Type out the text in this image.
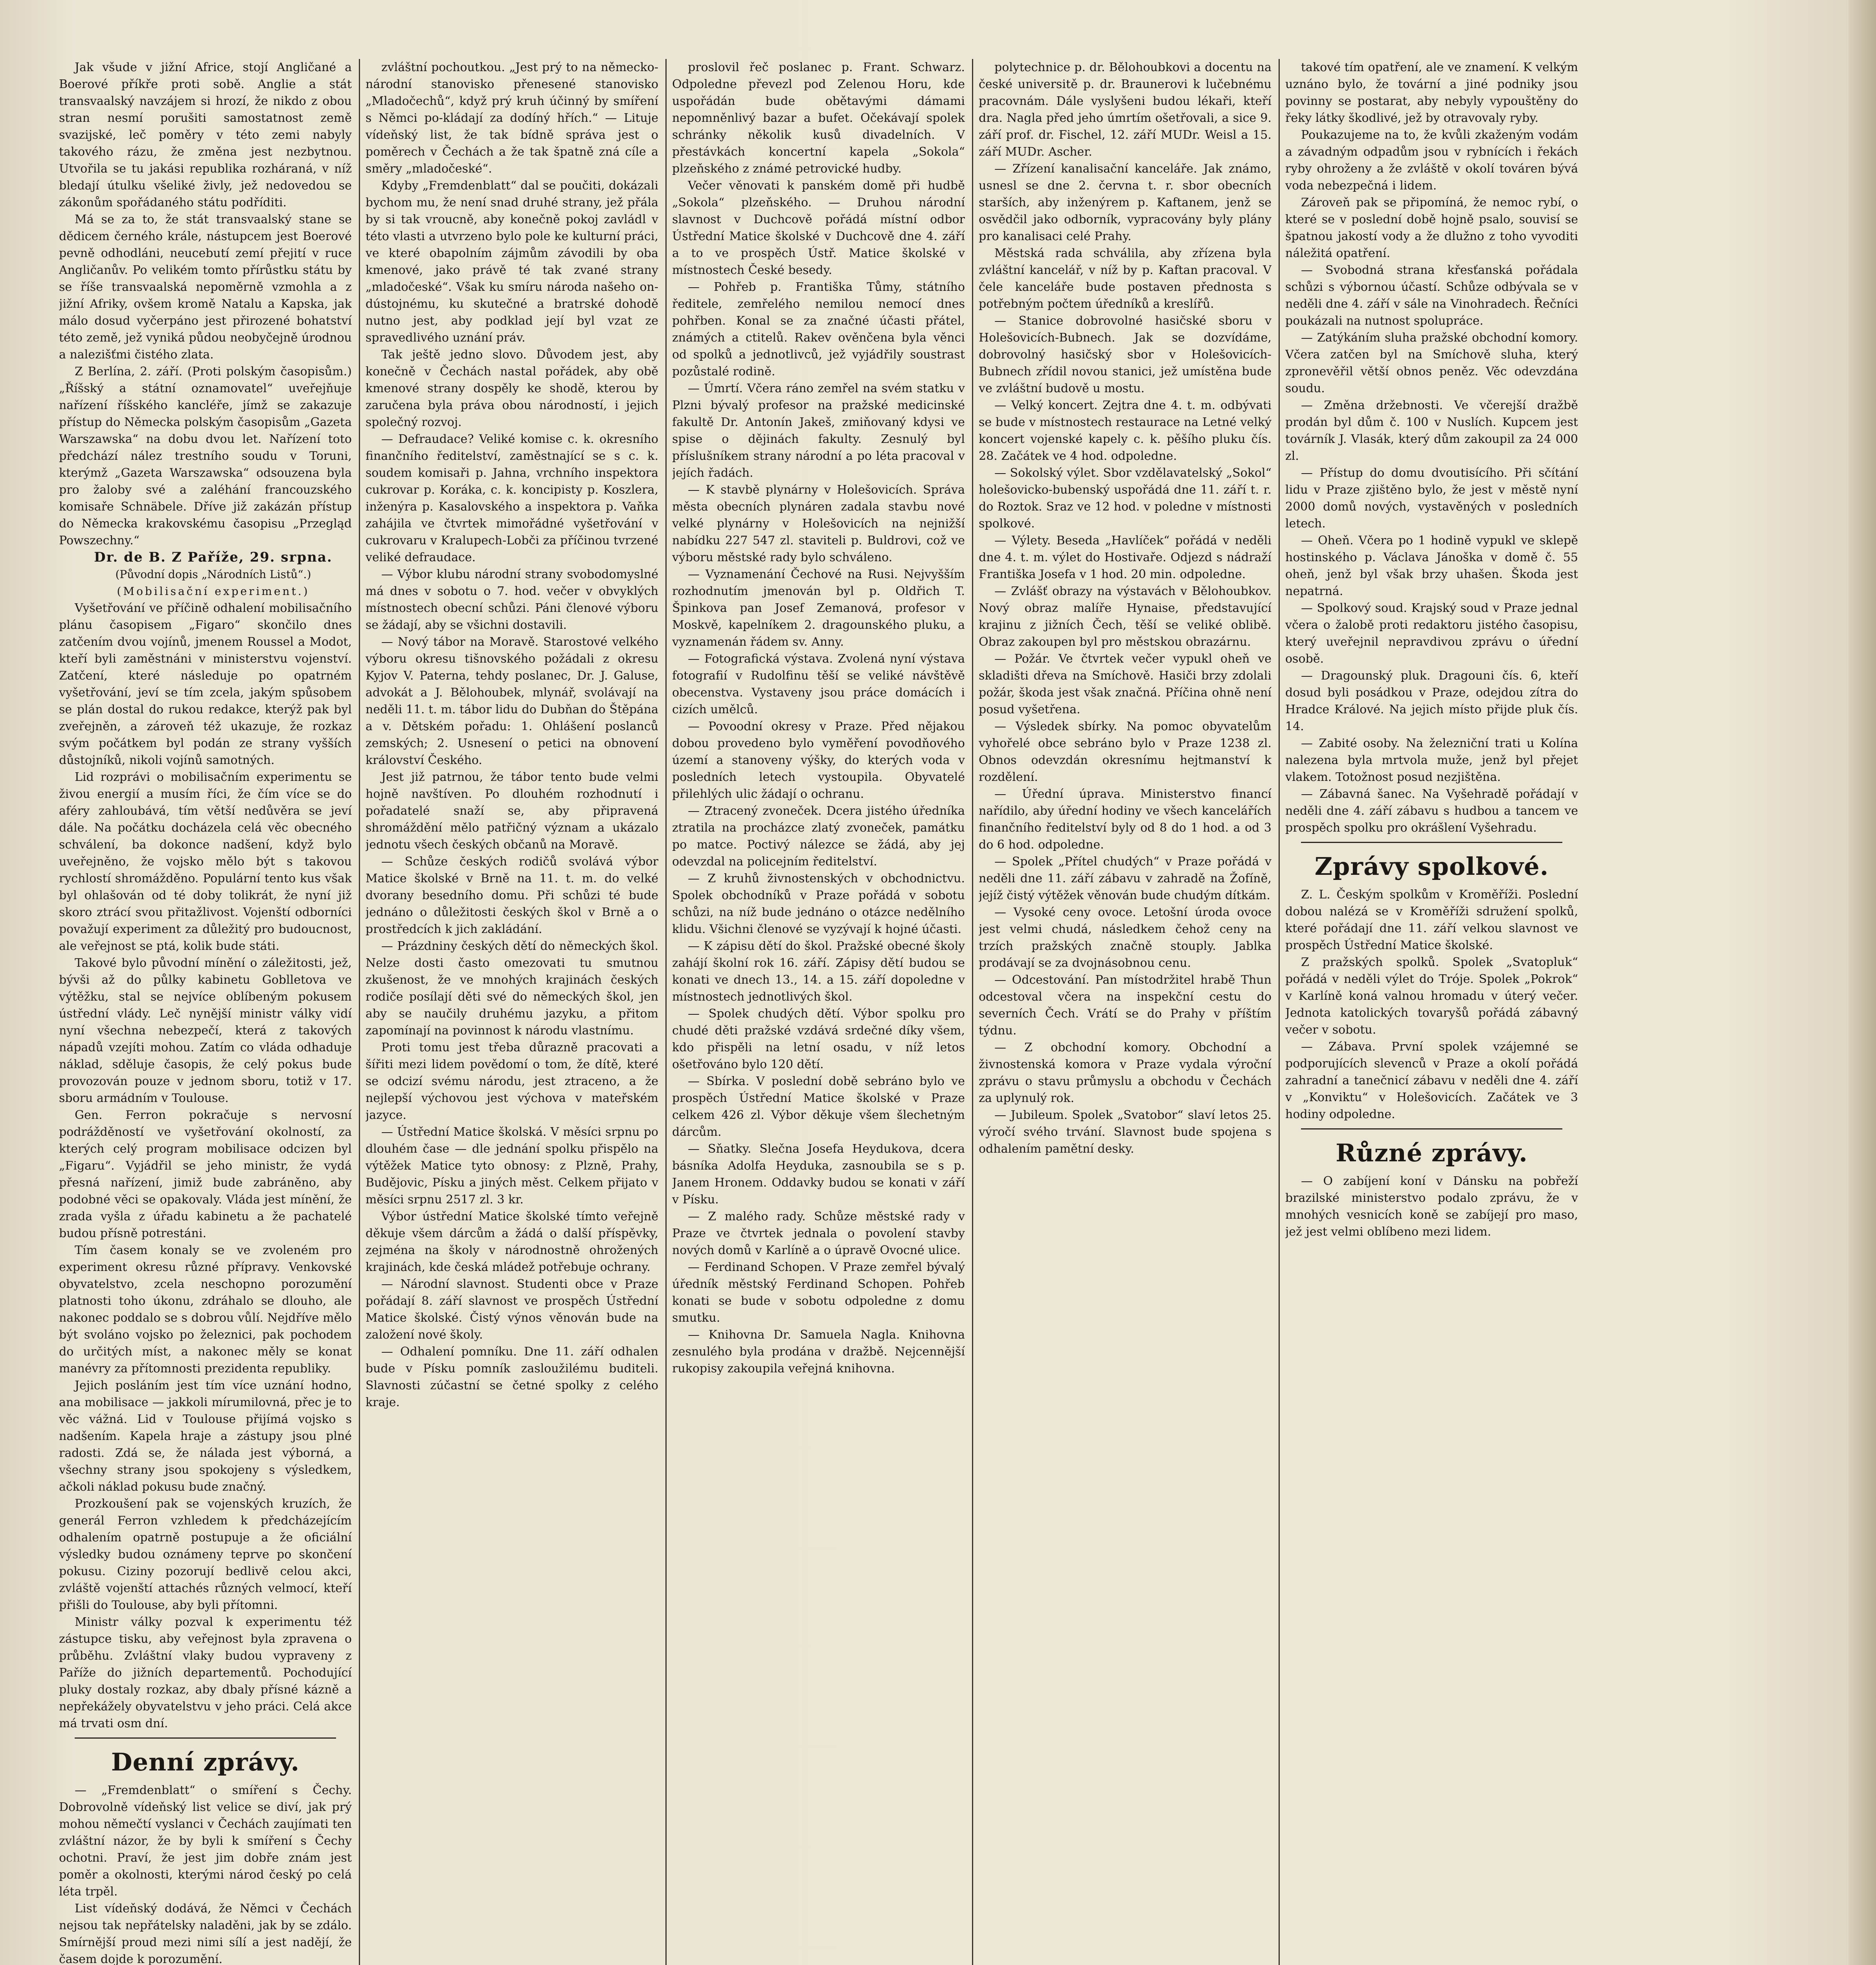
Jak všude v jižní Africe, stojí Angličané a Boerové příkře proti sobě. Anglie a stát transvaalský navzájem si hrozí, že nikdo z obou stran nesmí porušiti samostatnost země svazijské, leč poměry v této zemi nabyly takového rázu, že změna jest nezbytnou. Utvořila se tu jakási republika rozháraná, v níž bledají útulku všeliké živly, jež nedovedou se zákonům spořádaného státu podříditi.

Má se za to, že stát transvaalský stane se dědicem černého krále, nástupcem jest Boerové pevně odhodláni, neucebutí zemí přejití v ruce Angličanův. Po velikém tomto přírůstku státu by se říše transvaalská nepoměrně vzmohla a z jižní Afriky, ovšem kromě Natalu a Kapska, jak málo dosud vyčerpáno jest přirozené bohatství této země, jež vyniká půdou neobyčejně úrodnou a nalezišťmi čistého zlata.

Z Berlína, 2. září. (Proti polským časopisům.) „Říšský a státní oznamovatel“ uveřejňuje nařízení říšského kancléře, jímž se zakazuje přístup do Německa polským časopisům „Gazeta Warszawska“ na dobu dvou let. Nařízení toto předchází nález trestního soudu v Toruni, kterýmž „Gazeta Warszawska“ odsouzena byla pro žaloby své a zaléhání francouzského komisaře Schnäbele. Dříve již zakázán přístup do Německa krakovskému časopisu „Przegląd Powszechny.“

Dr. de B. Z Paříže, 29. srpna.

(Původní dopis „Národních Listů“.)

(Mobilisační experiment.)

Vyšetřování ve příčině odhalení mobilisačního plánu časopisem „Figaro“ skončilo dnes zatčením dvou vojínů, jmenem Roussel a Modot, kteří byli zaměstnáni v ministerstvu vojenství. Zatčení, které následuje po opatrném vyšetřování, jeví se tím zcela, jakým spůsobem se plán dostal do rukou redakce, kterýž pak byl zveřejněn, a zároveň též ukazuje, že rozkaz svým počátkem byl podán ze strany vyšších důstojníků, nikoli vojínů samotných.

Lid rozprávi o mobilisačním experimentu se živou energií a musím říci, že čím více se do aféry zahloubává, tím větší nedůvěra se jeví dále. Na počátku docházela celá věc obecného schválení, ba dokonce nadšení, když bylo uveřejněno, že vojsko mělo být s takovou rychlostí shromážděno. Populární tento kus však byl ohlašován od té doby tolikrát, že nyní již skoro ztrácí svou přitažlivost. Vojenští odborníci považují experiment za důležitý pro budoucnost, ale veřejnost se ptá, kolik bude státi.

Takové bylo původní mínění o záležitosti, jež, bývši až do půlky kabinetu Goblletova ve výtěžku, stal se nejvíce oblíbeným pokusem ústřední vlády. Leč nynější ministr války vidí nyní všechna nebezpečí, která z takových nápadů vzejíti mohou. Zatím co vláda odhaduje náklad, sděluje časopis, že celý pokus bude provozován pouze v jednom sboru, totiž v 17. sboru armádním v Toulouse.

Gen. Ferron pokračuje s nervosní podrážděností ve vyšetřování okolností, za kterých celý program mobilisace odcizen byl „Figaru“. Vyjádřil se jeho ministr, že vydá přesná nařízení, jimiž bude zabráněno, aby podobné věci se opakovaly. Vláda jest mínění, že zrada vyšla z úřadu kabinetu a že pachatelé budou přísně potrestáni.

Tím časem konaly se ve zvoleném pro experiment okresu různé přípravy. Venkovské obyvatelstvo, zcela neschopno porozumění platnosti toho úkonu, zdráhalo se dlouho, ale nakonec poddalo se s dobrou vůlí. Nejdříve mělo být svoláno vojsko po železnici, pak pochodem do určitých míst, a nakonec měly se konat manévry za přítomnosti prezidenta republiky.

Jejich posláním jest tím více uznání hodno, ana mobilisace — jakkoli mírumilovná, přec je to věc vážná. Lid v Toulouse přijímá vojsko s nadšením. Kapela hraje a zástupy jsou plné radosti. Zdá se, že nálada jest výborná, a všechny strany jsou spokojeny s výsledkem, ačkoli náklad pokusu bude značný.

Prozkoušení pak se vojenských kruzích, že generál Ferron vzhledem k předcházejícím odhalením opatrně postupuje a že oficiální výsledky budou oznámeny teprve po skončení pokusu. Ciziny pozorují bedlivě celou akci, zvláště vojenští attachés různých velmocí, kteří přišli do Toulouse, aby byli přítomni.

Ministr války pozval k experimentu též zástupce tisku, aby veřejnost byla zpravena o průběhu. Zvláštní vlaky budou vypraveny z Paříže do jižních departementů. Pochodující pluky dostaly rozkaz, aby dbaly přísné kázně a nepřekážely obyvatelstvu v jeho práci. Celá akce má trvati osm dní.

Denní zprávy.

— „Fremdenblatt“ o smíření s Čechy. Dobrovolně vídeňský list velice se diví, jak prý mohou němečtí vyslanci v Čechách zaujímati ten zvláštní názor, že by byli k smíření s Čechy ochotni. Praví, že jest jim dobře znám jest poměr a okolnosti, kterými národ český po celá léta trpěl.

List vídeňský dodává, že Němci v Čechách nejsou tak nepřátelsky naladěni, jak by se zdálo. Smírnější proud mezi nimi sílí a jest nadějí, že časem dojde k porozumění.

zvláštní pochoutkou. „Jest prý to na německo-národní stanovisko přenesené stanovisko „Mladočechů“, když prý kruh účinný by smíření s Němci po-kládají za dodíný hřích.“ — Lituje vídeňský list, že tak bídně správa jest o poměrech v Čechách a že tak špatně zná cíle a směry „mladočeské“.

Kdyby „Fremdenblatt“ dal se poučiti, dokázali bychom mu, že není snad druhé strany, jež přála by si tak vroucně, aby konečně pokoj zavládl v této vlasti a utvrzeno bylo pole ke kulturní práci, ve které obapolním zájmům závodili by oba kmenové, jako právě té tak zvané strany „mladočeské“. Však ku smíru národa našeho on-dústojnému, ku skutečné a bratrské dohodě nutno jest, aby podklad její byl vzat ze spravedlivého uznání práv.

Tak ještě jedno slovo. Důvodem jest, aby konečně v Čechách nastal pořádek, aby obě kmenové strany dospěly ke shodě, kterou by zaručena byla práva obou národností, i jejich společný rozvoj.

— Defraudace? Veliké komise c. k. okresního finančního ředitelství, zaměstnající se s c. k. soudem komisaři p. Jahna, vrchního inspektora cukrovar p. Koráka, c. k. koncipisty p. Koszlera, inženýra p. Kasalovského a inspektora p. Vaňka zahájila ve čtvrtek mimořádné vyšetřování v cukrovaru v Kralupech-Lobči za příčinou tvrzené veliké defraudace.

— Výbor klubu národní strany svobodomyslné má dnes v sobotu o 7. hod. večer v obvyklých místnostech obecní schůzi. Páni členové výboru se žádají, aby se všichni dostavili.

— Nový tábor na Moravě. Starostové velkého výboru okresu tišnovského požádali z okresu Kyjov V. Paterna, tehdy poslanec, Dr. J. Galuse, advokát a J. Bělohoubek, mlynář, svolávají na neděli 11. t. m. tábor lidu do Dubňan do Štěpána a v. Dětském pořadu: 1. Ohlášení poslanců zemských; 2. Usnesení o petici na obnovení království Českého.

Jest již patrnou, že tábor tento bude velmi hojně navštíven. Po dlouhém rozhodnutí i pořadatelé snaží se, aby připravená shromáždění mělo patřičný význam a ukázalo jednotu všech českých občanů na Moravě.

— Schůze českých rodičů svolává výbor Matice školské v Brně na 11. t. m. do velké dvorany besedního domu. Při schůzi té bude jednáno o důležitosti českých škol v Brně a o prostředcích k jich zakládání.

— Prázdniny českých dětí do německých škol. Nelze dosti často omezovati tu smutnou zkušenost, že ve mnohých krajinách českých rodiče posílají děti své do německých škol, jen aby se naučily druhému jazyku, a přitom zapomínají na povinnost k národu vlastnímu.

Proti tomu jest třeba důrazně pracovati a šířiti mezi lidem povědomí o tom, že dítě, které se odcizí svému národu, jest ztraceno, a že nejlepší výchovou jest výchova v mateřském jazyce.

— Ústřední Matice školská. V měsíci srpnu po dlouhém čase — dle jednání spolku přispělo na výtěžek Matice tyto obnosy: z Plzně, Prahy, Budějovic, Písku a jiných měst. Celkem přijato v měsíci srpnu 2517 zl. 3 kr.

Výbor ústřední Matice školské tímto veřejně děkuje všem dárcům a žádá o další příspěvky, zejména na školy v národnostně ohrožených krajinách, kde česká mládež potřebuje ochrany.

— Národní slavnost. Studenti obce v Praze pořádají 8. září slavnost ve prospěch Ústřední Matice školské. Čistý výnos věnován bude na založení nové školy.

— Odhalení pomníku. Dne 11. září odhalen bude v Písku pomník zasloužilému buditeli. Slavnosti zúčastní se četné spolky z celého kraje.

proslovil řeč poslanec p. Frant. Schwarz. Odpoledne převezl pod Zelenou Horu, kde uspořádán bude obětavými dámami nepomněnlivý bazar a bufet. Očekávají spolek schránky několik kusů divadelních. V přestávkách koncertní kapela „Sokola“ plzeňského z známé petrovické hudby.

Večer věnovati k panském domě při hudbě „Sokola“ plzeňského. — Druhou národní slavnost v Duchcově pořádá místní odbor Ústřední Matice školské v Duchcově dne 4. září a to ve prospěch Ústř. Matice školské v místnostech České besedy.

— Pohřeb p. Františka Tůmy, státního ředitele, zemřelého nemilou nemocí dnes pohřben. Konal se za značné účasti přátel, známých a ctitelů. Rakev ověnčena byla věnci od spolků a jednotlivců, jež vyjádřily soustrast pozůstalé rodině.

— Úmrtí. Včera ráno zemřel na svém statku v Plzni bývalý profesor na pražské medicinské fakultě Dr. Antonín Jakeš, zmiňovaný kdysi ve spise o dějinách fakulty. Zesnulý byl příslušníkem strany národní a po léta pracoval v jejích řadách.

— K stavbě plynárny v Holešovicích. Správa města obecních plynáren zadala stavbu nové velké plynárny v Holešovicích na nejnižší nabídku 227 547 zl. staviteli p. Buldrovi, což ve výboru městské rady bylo schváleno.

— Vyznamenání Čechové na Rusi. Nejvyšším rozhodnutím jmenován byl p. Oldřich T. Špinkova pan Josef Zemanová, profesor v Moskvě, kapelníkem 2. dragounského pluku, a vyznamenán řádem sv. Anny.

— Fotografická výstava. Zvolená nyní výstava fotografií v Rudolfinu těší se veliké návštěvě obecenstva. Vystaveny jsou práce domácích i cizích umělců.

— Povoodní okresy v Praze. Před nějakou dobou provedeno bylo vyměření povodňového území a stanoveny výšky, do kterých voda v posledních letech vystoupila. Obyvatelé přilehlých ulic žádají o ochranu.

— Ztracený zvoneček. Dcera jistého úředníka ztratila na procházce zlatý zvoneček, památku po matce. Poctivý nálezce se žádá, aby jej odevzdal na policejním ředitelství.

— Z kruhů živnostenských v obchodnictvu. Spolek obchodníků v Praze pořádá v sobotu schůzi, na níž bude jednáno o otázce nedělního klidu. Všichni členové se vyzývají k hojné účasti.

— K zápisu dětí do škol. Pražské obecné školy zahájí školní rok 16. září. Zápisy dětí budou se konati ve dnech 13., 14. a 15. září dopoledne v místnostech jednotlivých škol.

— Spolek chudých dětí. Výbor spolku pro chudé děti pražské vzdává srdečné díky všem, kdo přispěli na letní osadu, v níž letos ošetřováno bylo 120 dětí.

— Sbírka. V poslední době sebráno bylo ve prospěch Ústřední Matice školské v Praze celkem 426 zl. Výbor děkuje všem šlechetným dárcům.

— Sňatky. Slečna Josefa Heydukova, dcera básníka Adolfa Heyduka, zasnoubila se s p. Janem Hronem. Oddavky budou se konati v září v Písku.

— Z malého rady. Schůze městské rady v Praze ve čtvrtek jednala o povolení stavby nových domů v Karlíně a o úpravě Ovocné ulice.

— Ferdinand Schopen. V Praze zemřel bývalý úředník městský Ferdinand Schopen. Pohřeb konati se bude v sobotu odpoledne z domu smutku.

— Knihovna Dr. Samuela Nagla. Knihovna zesnulého byla prodána v dražbě. Nejcennější rukopisy zakoupila veřejná knihovna.

polytechnice p. dr. Bělohoubkovi a docentu na české universitě p. dr. Braunerovi k lučebnému pracovnám. Dále vyslyšeni budou lékaři, kteří dra. Nagla před jeho úmrtím ošetřovali, a sice 9. září prof. dr. Fischel, 12. září MUDr. Weisl a 15. září MUDr. Ascher.

— Zřízení kanalisační kanceláře. Jak známo, usnesl se dne 2. června t. r. sbor obecních starších, aby inženýrem p. Kaftanem, jenž se osvědčil jako odborník, vypracovány byly plány pro kanalisaci celé Prahy.

Městská rada schválila, aby zřízena byla zvláštní kancelář, v níž by p. Kaftan pracoval. V čele kanceláře bude postaven přednosta s potřebným počtem úředníků a kreslířů.

— Stanice dobrovolné hasičské sboru v Holešovicích-Bubnech. Jak se dozvídáme, dobrovolný hasičský sbor v Holešovicích-Bubnech zřídil novou stanici, jež umístěna bude ve zvláštní budově u mostu.

— Velký koncert. Zejtra dne 4. t. m. odbývati se bude v místnostech restaurace na Letné velký koncert vojenské kapely c. k. pěšího pluku čís. 28. Začátek ve 4 hod. odpoledne.

— Sokolský výlet. Sbor vzdělavatelský „Sokol“ holešovicko-bubenský uspořádá dne 11. září t. r. do Roztok. Sraz ve 12 hod. v poledne v místnosti spolkové.

— Výlety. Beseda „Havlíček“ pořádá v neděli dne 4. t. m. výlet do Hostivaře. Odjezd s nádraží Františka Josefa v 1 hod. 20 min. odpoledne.

— Zvlášť obrazy na výstavách v Bělohoubkov. Nový obraz malíře Hynaise, představující krajinu z jižních Čech, těší se veliké oblibě. Obraz zakoupen byl pro městskou obrazárnu.

— Požár. Ve čtvrtek večer vypukl oheň ve skladišti dřeva na Smíchově. Hasiči brzy zdolali požár, škoda jest však značná. Příčina ohně není posud vyšetřena.

— Výsledek sbírky. Na pomoc obyvatelům vyhořelé obce sebráno bylo v Praze 1238 zl. Obnos odevzdán okresnímu hejtmanství k rozdělení.

— Úřední úprava. Ministerstvo financí nařídilo, aby úřední hodiny ve všech kancelářích finančního ředitelství byly od 8 do 1 hod. a od 3 do 6 hod. odpoledne.

— Spolek „Přítel chudých“ v Praze pořádá v neděli dne 11. září zábavu v zahradě na Žofíně, jejíž čistý výtěžek věnován bude chudým dítkám.

— Vysoké ceny ovoce. Letošní úroda ovoce jest velmi chudá, následkem čehož ceny na trzích pražských značně stouply. Jablka prodávají se za dvojnásobnou cenu.

— Odcestování. Pan místodržitel hrabě Thun odcestoval včera na inspekční cestu do severních Čech. Vrátí se do Prahy v příštím týdnu.

— Z obchodní komory. Obchodní a živnostenská komora v Praze vydala výroční zprávu o stavu průmyslu a obchodu v Čechách za uplynulý rok.

— Jubileum. Spolek „Svatobor“ slaví letos 25. výročí svého trvání. Slavnost bude spojena s odhalením pamětní desky.

takové tím opatření, ale ve znamení. K velkým uznáno bylo, že tovární a jiné podniky jsou povinny se postarat, aby nebyly vypouštěny do řeky látky škodlivé, jež by otravovaly ryby.

Poukazujeme na to, že kvůli zkaženým vodám a závadným odpadům jsou v rybnících i řekách ryby ohroženy a že zvláště v okolí továren bývá voda nebezpečná i lidem.

Zároveň pak se připomíná, že nemoc rybí, o které se v poslední době hojně psalo, souvisí se špatnou jakostí vody a že dlužno z toho vyvoditi náležitá opatření.

— Svobodná strana křesťanská pořádala schůzi s výbornou účastí. Schůze odbývala se v neděli dne 4. září v sále na Vinohradech. Řečníci poukázali na nutnost spolupráce.

— Zatýkáním sluha pražské obchodní komory. Včera zatčen byl na Smíchově sluha, který zpronevěřil větší obnos peněz. Věc odevzdána soudu.

— Změna držebnosti. Ve včerejší dražbě prodán byl dům č. 100 v Nuslích. Kupcem jest továrník J. Vlasák, který dům zakoupil za 24 000 zl.

— Přístup do domu dvoutisícího. Při sčítání lidu v Praze zjištěno bylo, že jest v městě nyní 2000 domů nových, vystavěných v posledních letech.

— Oheň. Včera po 1 hodině vypukl ve sklepě hostinského p. Václava Jánoška v domě č. 55 oheň, jenž byl však brzy uhašen. Škoda jest nepatrná.

— Spolkový soud. Krajský soud v Praze jednal včera o žalobě proti redaktoru jistého časopisu, který uveřejnil nepravdivou zprávu o úřední osobě.

— Dragounský pluk. Dragouni čís. 6, kteří dosud byli posádkou v Praze, odejdou zítra do Hradce Králové. Na jejich místo přijde pluk čís. 14.

— Zabité osoby. Na železniční trati u Kolína nalezena byla mrtvola muže, jenž byl přejet vlakem. Totožnost posud nezjištěna.

— Zábavná šanec. Na Vyšehradě pořádají v neděli dne 4. září zábavu s hudbou a tancem ve prospěch spolku pro okrášlení Vyšehradu.

Zprávy spolkové.

Z. L. Českým spolkům v Kroměříži. Poslední dobou nalézá se v Kroměříži sdružení spolků, které pořádají dne 11. září velkou slavnost ve prospěch Ústřední Matice školské.

Z pražských spolků. Spolek „Svatopluk“ pořádá v neděli výlet do Tróje. Spolek „Pokrok“ v Karlíně koná valnou hromadu v úterý večer. Jednota katolických tovaryšů pořádá zábavný večer v sobotu.

— Zábava. První spolek vzájemné se podporujících slevenců v Praze a okolí pořádá zahradní a tanečnicí zábavu v neděli dne 4. září v „Konviktu“ v Holešovicích. Začátek ve 3 hodiny odpoledne.

Různé zprávy.

— O zabíjení koní v Dánsku na pobřeží brazilské ministerstvo podalo zprávu, že v mnohých vesnicích koně se zabíjejí pro maso, jež jest velmi oblíbeno mezi lidem.
